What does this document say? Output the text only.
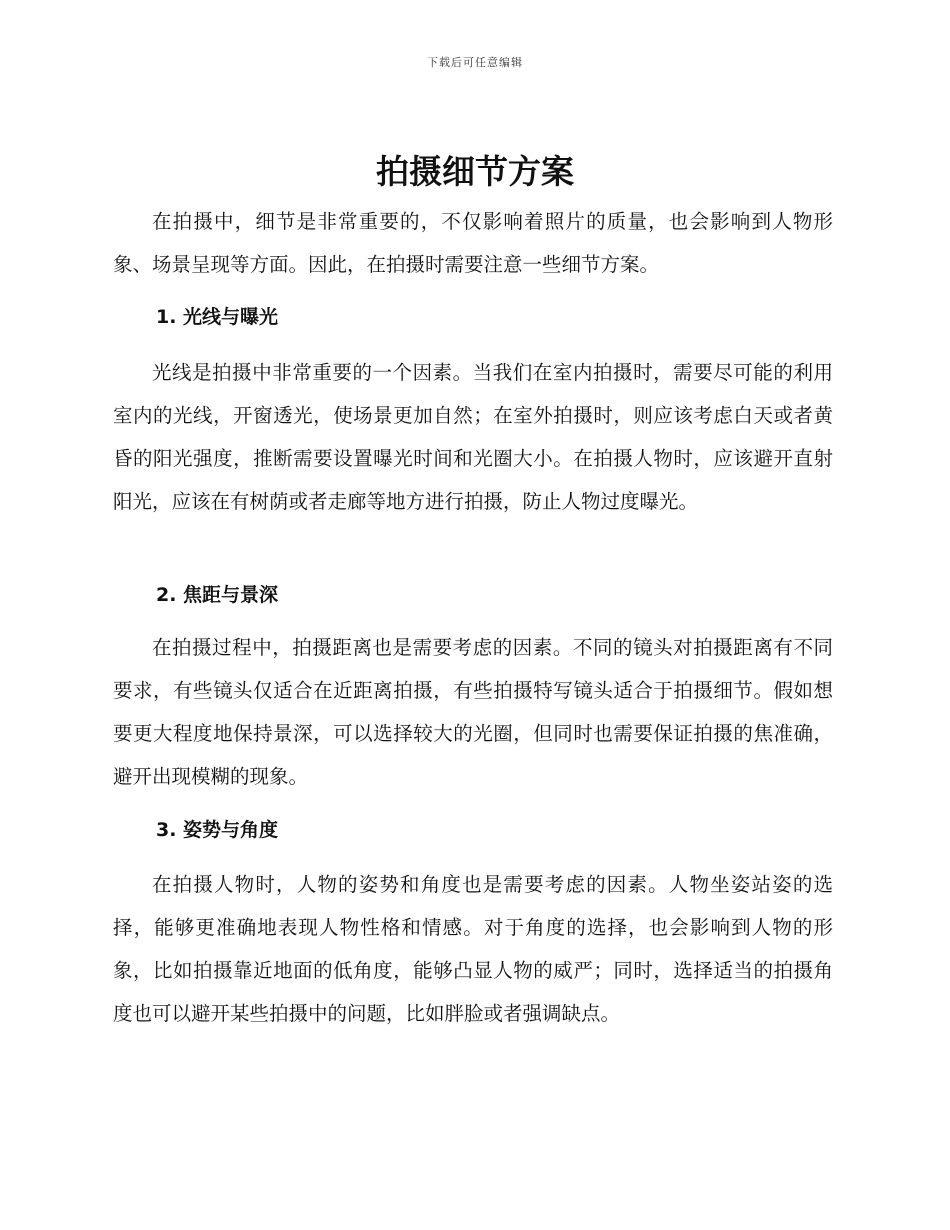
下载后可任意编辑
拍摄细节方案

在拍摄中，细节是非常重要的，不仅影响着照片的质量，也会影响到人物形象、场景呈现等方面。因此，在拍摄时需要注意一些细节方案。

1. 光线与曝光

光线是拍摄中非常重要的一个因素。当我们在室内拍摄时，需要尽可能的利用室内的光线，开窗透光，使场景更加自然；在室外拍摄时，则应该考虑白天或者黄昏的阳光强度，推断需要设置曝光时间和光圈大小。在拍摄人物时，应该避开直射阳光，应该在有树荫或者走廊等地方进行拍摄，防止人物过度曝光。

2. 焦距与景深

在拍摄过程中，拍摄距离也是需要考虑的因素。不同的镜头对拍摄距离有不同要求，有些镜头仅适合在近距离拍摄，有些拍摄特写镜头适合于拍摄细节。假如想要更大程度地保持景深，可以选择较大的光圈，但同时也需要保证拍摄的焦准确，避开出现模糊的现象。

3. 姿势与角度

在拍摄人物时，人物的姿势和角度也是需要考虑的因素。人物坐姿站姿的选择，能够更准确地表现人物性格和情感。对于角度的选择，也会影响到人物的形象，比如拍摄靠近地面的低角度，能够凸显人物的威严；同时，选择适当的拍摄角度也可以避开某些拍摄中的问题，比如胖脸或者强调缺点。
